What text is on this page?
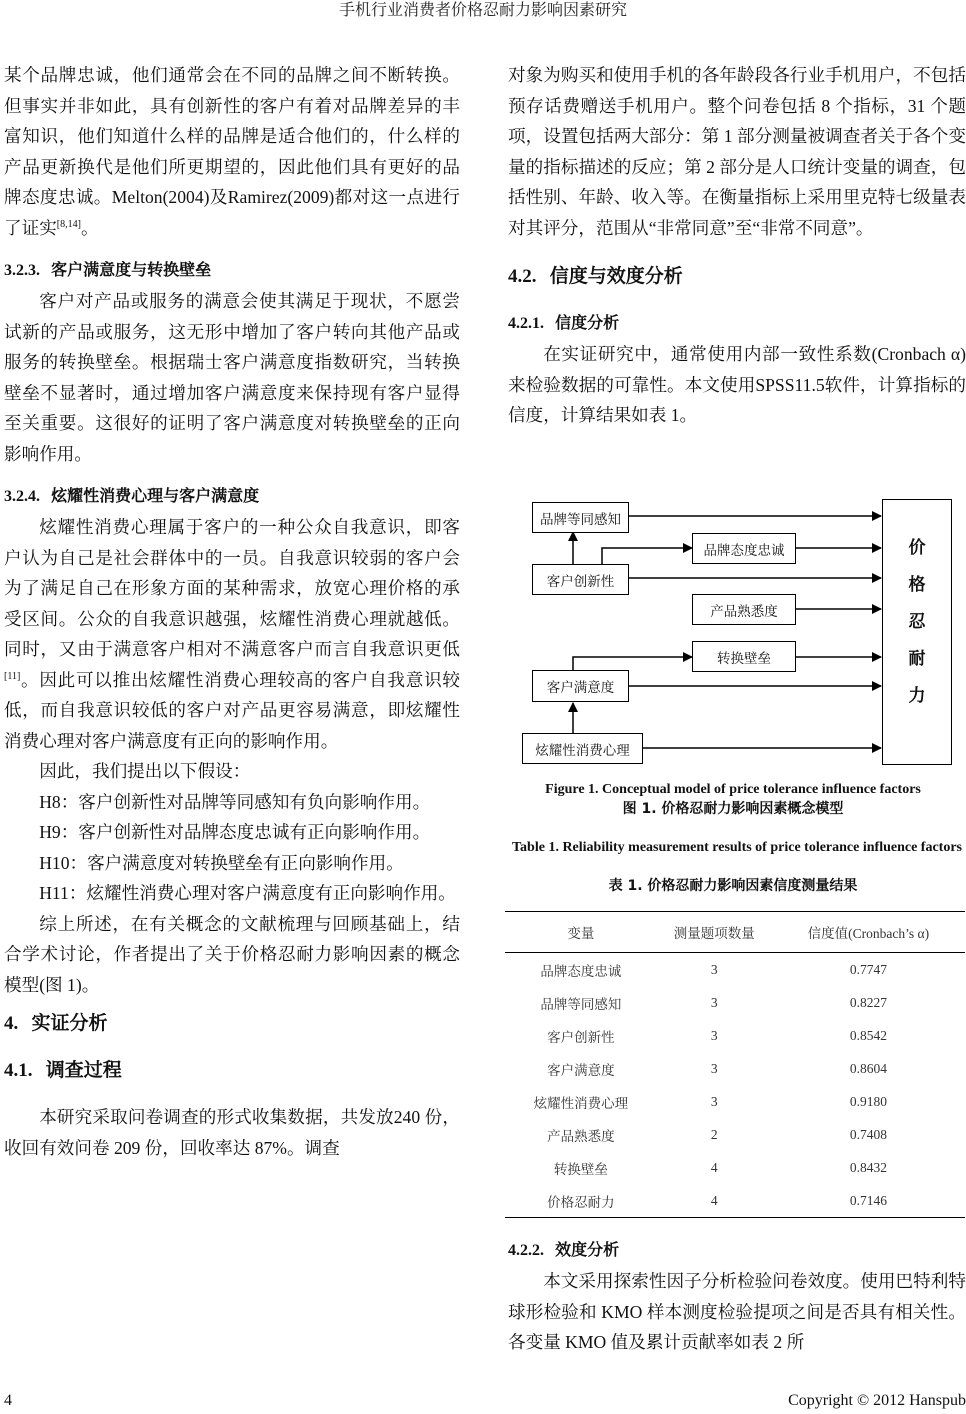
手机行业消费者价格忍耐力影响因素研究

某个品牌忠诚，他们通常会在不同的品牌之间不断转换。但事实并非如此，具有创新性的客户有着对品牌差异的丰富知识，他们知道什么样的品牌是适合他们的，什么样的产品更新换代是他们所更期望的，因此他们具有更好的品牌态度忠诚。Melton(2004)及Ramirez(2009)都对这一点进行了证实[8,14]。

3.2.3. 客户满意度与转换壁垒

客户对产品或服务的满意会使其满足于现状，不愿尝试新的产品或服务，这无形中增加了客户转向其他产品或服务的转换壁垒。根据瑞士客户满意度指数研究，当转换壁垒不显著时，通过增加客户满意度来保持现有客户显得至关重要。这很好的证明了客户满意度对转换壁垒的正向影响作用。

3.2.4. 炫耀性消费心理与客户满意度

炫耀性消费心理属于客户的一种公众自我意识，即客户认为自己是社会群体中的一员。自我意识较弱的客户会为了满足自己在形象方面的某种需求，放宽心理价格的承受区间。公众的自我意识越强，炫耀性消费心理就越低。同时，又由于满意客户相对不满意客户而言自我意识更低[11]。因此可以推出炫耀性消费心理较高的客户自我意识较低，而自我意识较低的客户对产品更容易满意，即炫耀性消费心理对客户满意度有正向的影响作用。

因此，我们提出以下假设：

H8：客户创新性对品牌等同感知有负向影响作用。

H9：客户创新性对品牌态度忠诚有正向影响作用。

H10：客户满意度对转换壁垒有正向影响作用。

H11：炫耀性消费心理对客户满意度有正向影响作用。

综上所述，在有关概念的文献梳理与回顾基础上，结合学术讨论，作者提出了关于价格忍耐力影响因素的概念模型(图 1)。

4. 实证分析
4.1. 调查过程

本研究采取问卷调查的形式收集数据，共发放240 份，收回有效问卷 209 份，回收率达 87%。调查

对象为购买和使用手机的各年龄段各行业手机用户，不包括预存话费赠送手机用户。整个问卷包括 8 个指标，31 个题项，设置包括两大部分：第 1 部分测量被调查者关于各个变量的指标描述的反应；第 2 部分是人口统计变量的调查，包括性别、年龄、收入等。在衡量指标上采用里克特七级量表对其评分，范围从“非常同意”至“非常不同意”。

4.2. 信度与效度分析
4.2.1. 信度分析

在实证研究中，通常使用内部一致性系数(Cronbach α)来检验数据的可靠性。本文使用SPSS11.5软件，计算指标的信度，计算结果如表 1。

品牌等同感知
品牌态度忠诚
客户创新性
产品熟悉度
转换壁垒
客户满意度
炫耀性消费心理
价
格
忍
耐
力
Figure 1. Conceptual model of price tolerance influence factors
图 1. 价格忍耐力影响因素概念模型
Table 1. Reliability measurement results of price tolerance influence factors
表 1. 价格忍耐力影响因素信度测量结果
变量	测量题项数量	信度值(Cronbach’s α)
品牌态度忠诚	3	0.7747
品牌等同感知	3	0.8227
客户创新性	3	0.8542
客户满意度	3	0.8604
炫耀性消费心理	3	0.9180
产品熟悉度	2	0.7408
转换壁垒	4	0.8432
价格忍耐力	4	0.7146
4.2.2. 效度分析

本文采用探索性因子分析检验问卷效度。使用巴特利特球形检验和 KMO 样本测度检验提项之间是否具有相关性。各变量 KMO 值及累计贡献率如表 2 所

4	Copyright © 2012 Hanspub
